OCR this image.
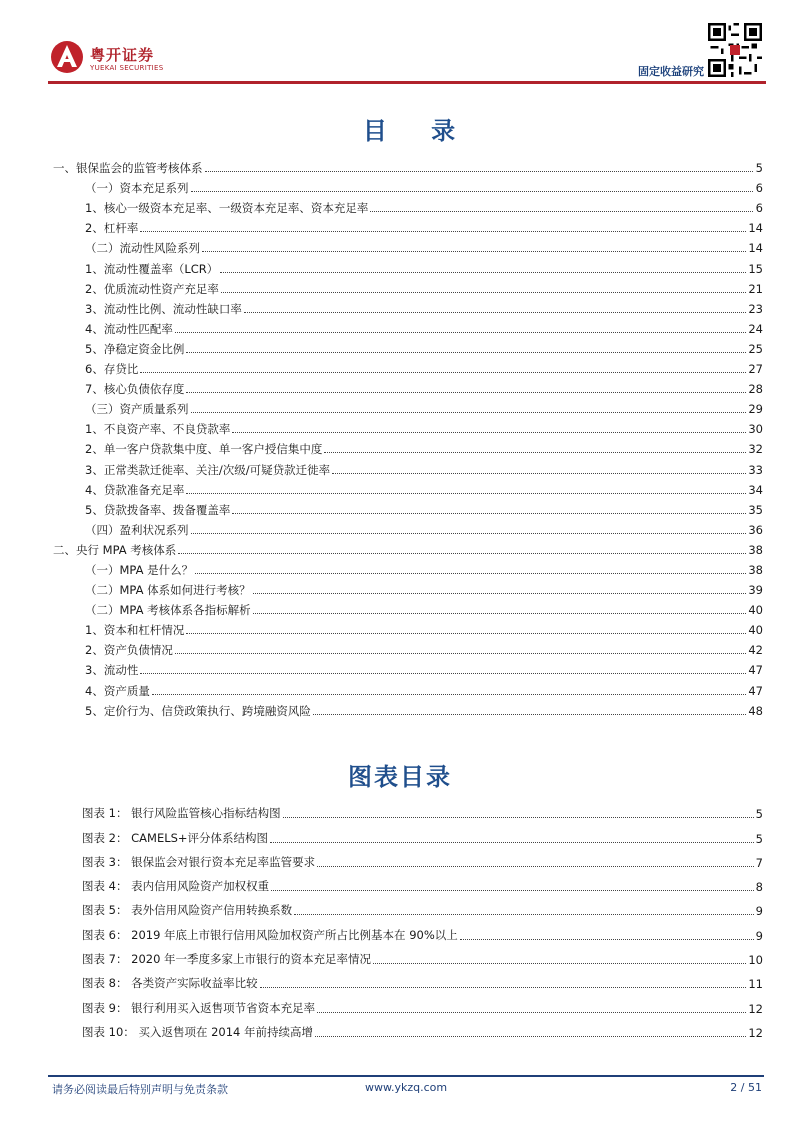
粤开证券
YUEKAI SECURITIES	固定收益研究
目 录
一、银保监会的监管考核体系	5
（一）资本充足系列	6
1、核心一级资本充足率、一级资本充足率、资本充足率	6
2、杠杆率	14
（二）流动性风险系列	14
1、流动性覆盖率（LCR）	15
2、优质流动性资产充足率	21
3、流动性比例、流动性缺口率	23
4、流动性匹配率	24
5、净稳定资金比例	25
6、存贷比	27
7、核心负债依存度	28
（三）资产质量系列	29
1、不良资产率、不良贷款率	30
2、单一客户贷款集中度、单一客户授信集中度	32
3、正常类款迁徙率、关注/次级/可疑贷款迁徙率	33
4、贷款准备充足率	34
5、贷款拨备率、拨备覆盖率	35
（四）盈利状况系列	36
二、央行 MPA 考核体系	38
（一）MPA 是什么？	38
（二）MPA 体系如何进行考核？	39
（二）MPA 考核体系各指标解析	40
1、资本和杠杆情况	40
2、资产负债情况	42
3、流动性	47
4、资产质量	47
5、定价行为、信贷政策执行、跨境融资风险	48
图表目录
图表 1： 银行风险监管核心指标结构图	5
图表 2： CAMELS+评分体系结构图	5
图表 3： 银保监会对银行资本充足率监管要求	7
图表 4： 表内信用风险资产加权权重	8
图表 5： 表外信用风险资产信用转换系数	9
图表 6： 2019 年底上市银行信用风险加权资产所占比例基本在 90%以上	9
图表 7： 2020 年一季度多家上市银行的资本充足率情况	10
图表 8： 各类资产实际收益率比较	11
图表 9： 银行利用买入返售项节省资本充足率	12
图表 10： 买入返售项在 2014 年前持续高增	12
请务必阅读最后特别声明与免责条款	www.ykzq.com	2 / 51
